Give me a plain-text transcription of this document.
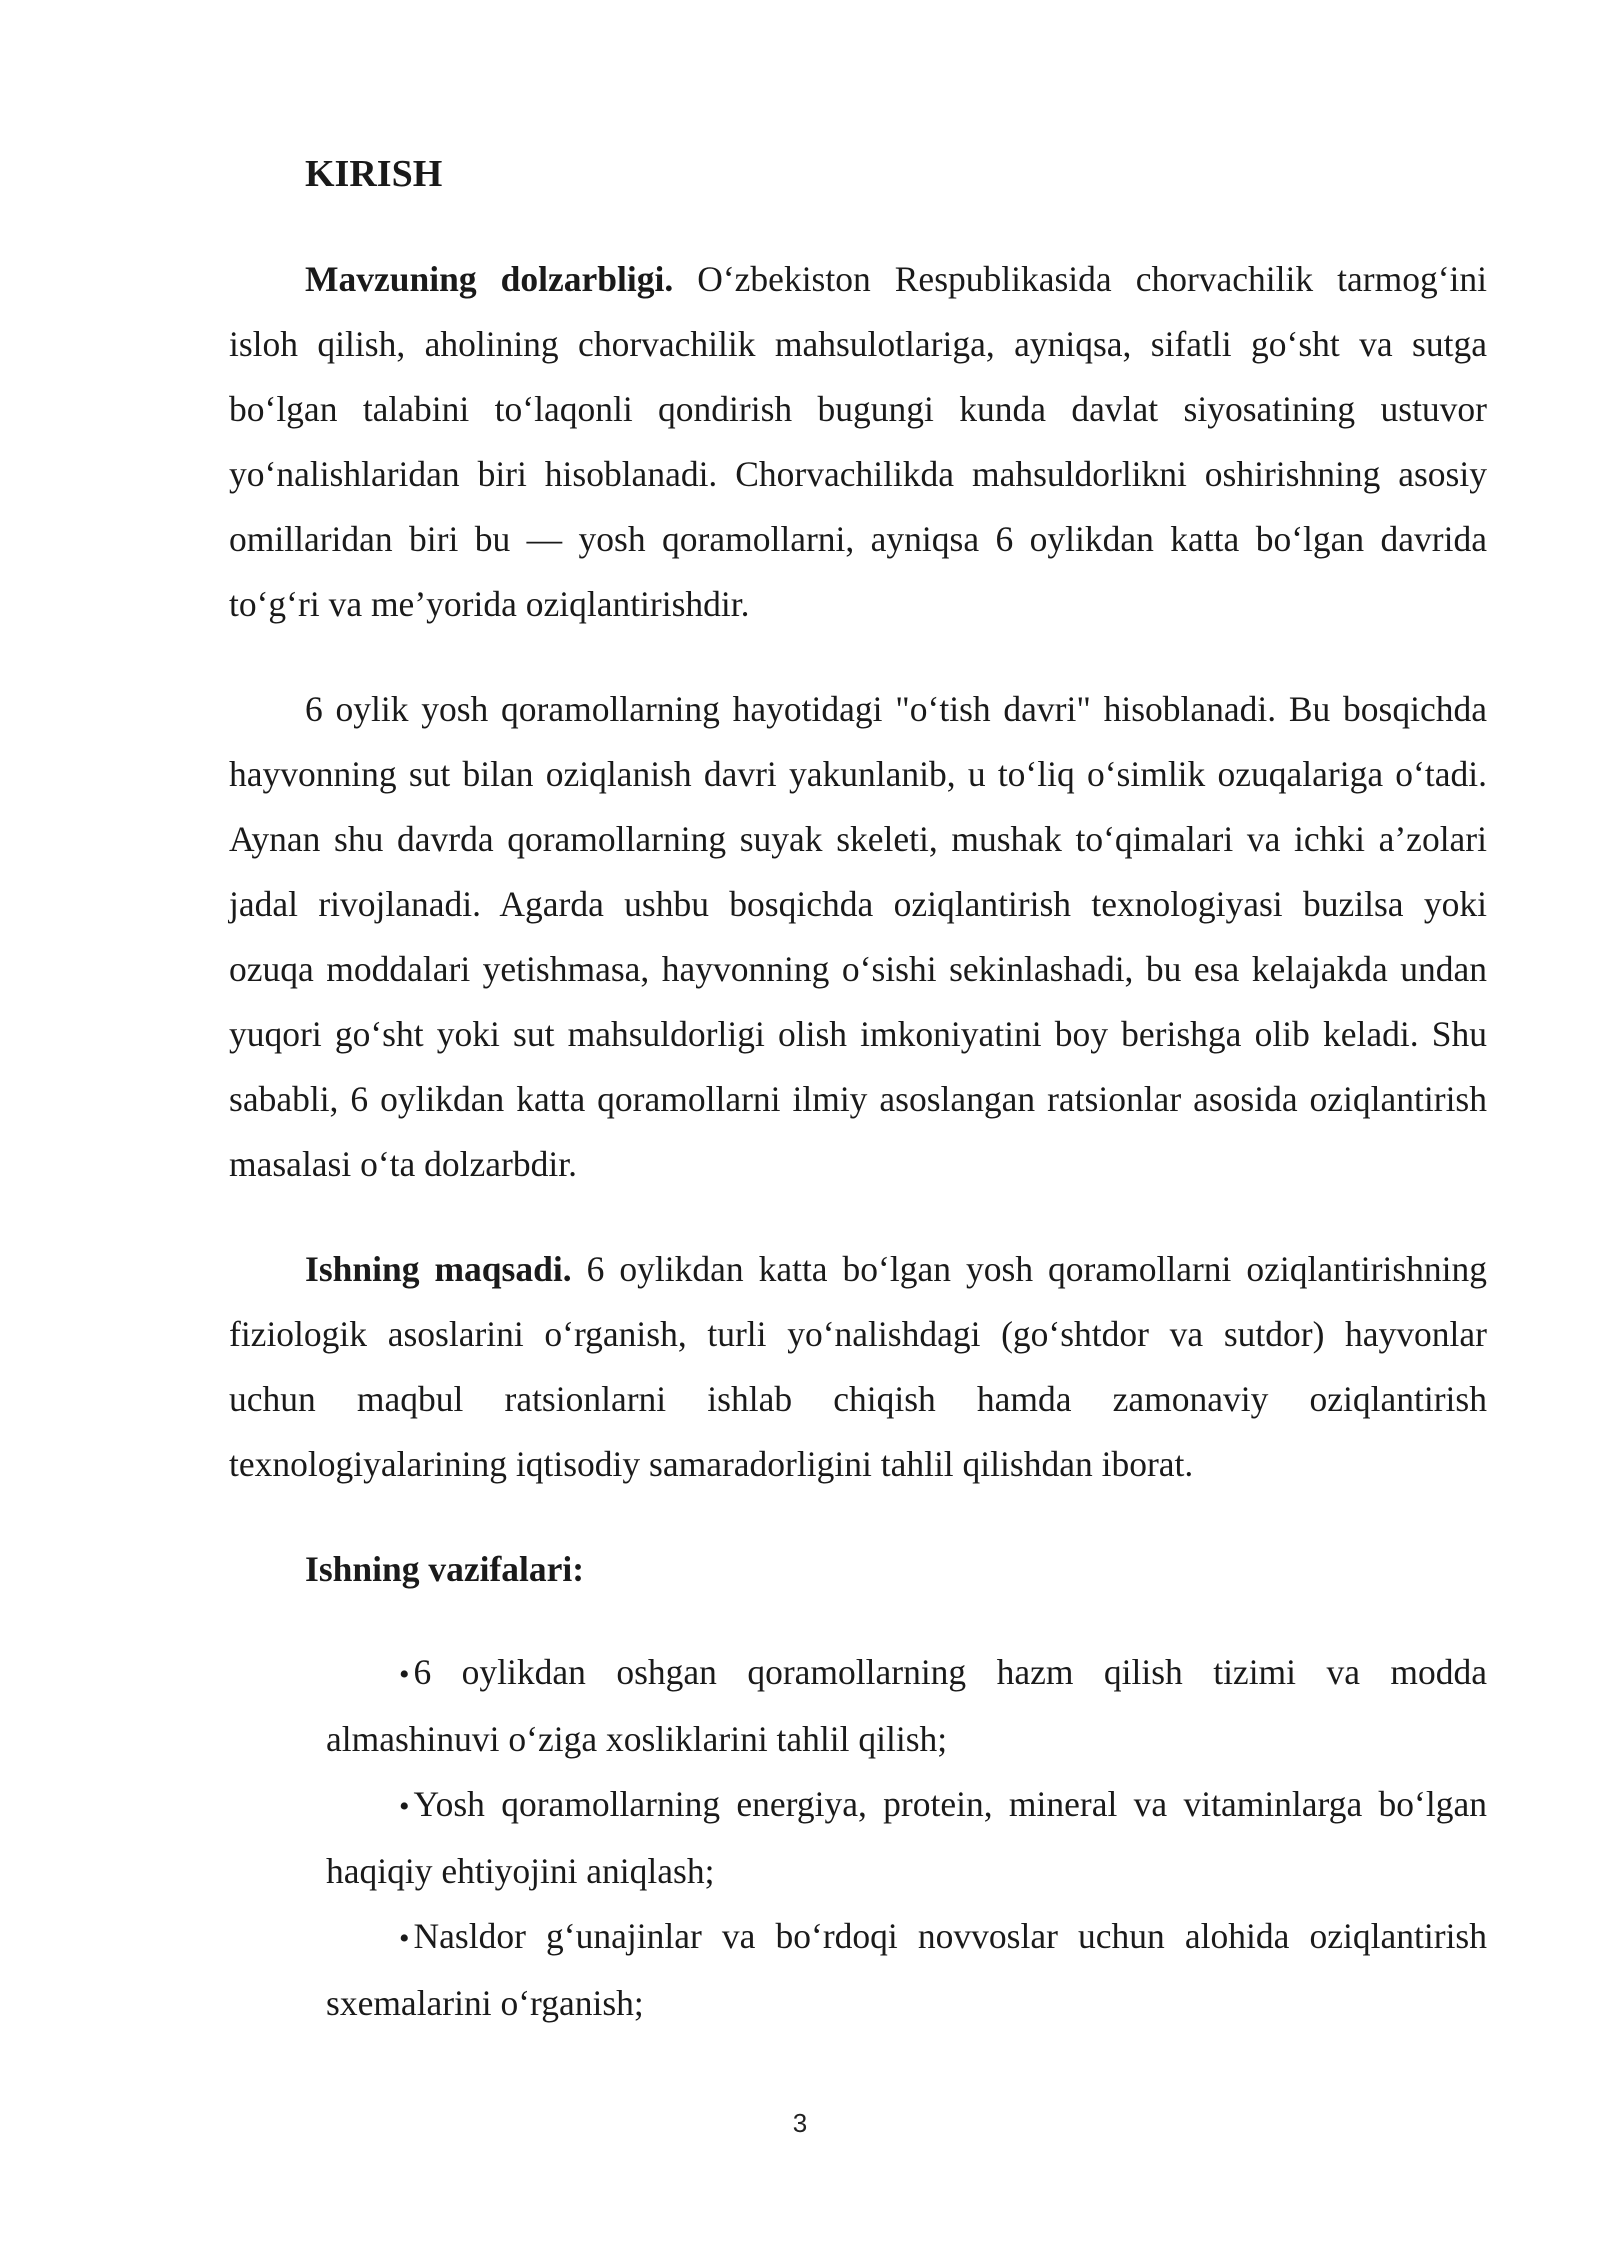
KIRISH

Mavzuning dolzarbligi. O‘zbekiston Respublikasida chorvachilik tarmog‘ini isloh qilish, aholining chorvachilik mahsulotlariga, ayniqsa, sifatli go‘sht va sutga bo‘lgan talabini to‘laqonli qondirish bugungi kunda davlat siyosatining ustuvor yo‘nalishlaridan biri hisoblanadi. Chorvachilikda mahsuldorlikni oshirishning asosiy omillaridan biri bu — yosh qoramollarni, ayniqsa 6 oylikdan katta bo‘lgan davrida to‘g‘ri va me’yorida oziqlantirishdir.

6 oylik yosh qoramollarning hayotidagi "o‘tish davri" hisoblanadi. Bu bosqichda hayvonning sut bilan oziqlanish davri yakunlanib, u to‘liq o‘simlik ozuqalariga o‘tadi. Aynan shu davrda qoramollarning suyak skeleti, mushak to‘qimalari va ichki a’zolari jadal rivojlanadi. Agarda ushbu bosqichda oziqlantirish texnologiyasi buzilsa yoki ozuqa moddalari yetishmasa, hayvonning o‘sishi sekinlashadi, bu esa kelajakda undan yuqori go‘sht yoki sut mahsuldorligi olish imkoniyatini boy berishga olib keladi. Shu sababli, 6 oylikdan katta qoramollarni ilmiy asoslangan ratsionlar asosida oziqlantirish masalasi o‘ta dolzarbdir.

Ishning maqsadi. 6 oylikdan katta bo‘lgan yosh qoramollarni oziqlantirishning fiziologik asoslarini o‘rganish, turli yo‘nalishdagi (go‘shtdor va sutdor) hayvonlar uchun maqbul ratsionlarni ishlab chiqish hamda zamonaviy oziqlantirish texnologiyalarining iqtisodiy samaradorligini tahlil qilishdan iborat.

Ishning vazifalari:
• 6 oylikdan oshgan qoramollarning hazm qilish tizimi va modda almashinuvi o‘ziga xosliklarini tahlil qilish;
• Yosh qoramollarning energiya, protein, mineral va vitaminlarga bo‘lgan haqiqiy ehtiyojini aniqlash;
• Nasldor g‘unajinlar va bo‘rdoqi novvoslar uchun alohida oziqlantirish sxemalarini o‘rganish;
3
